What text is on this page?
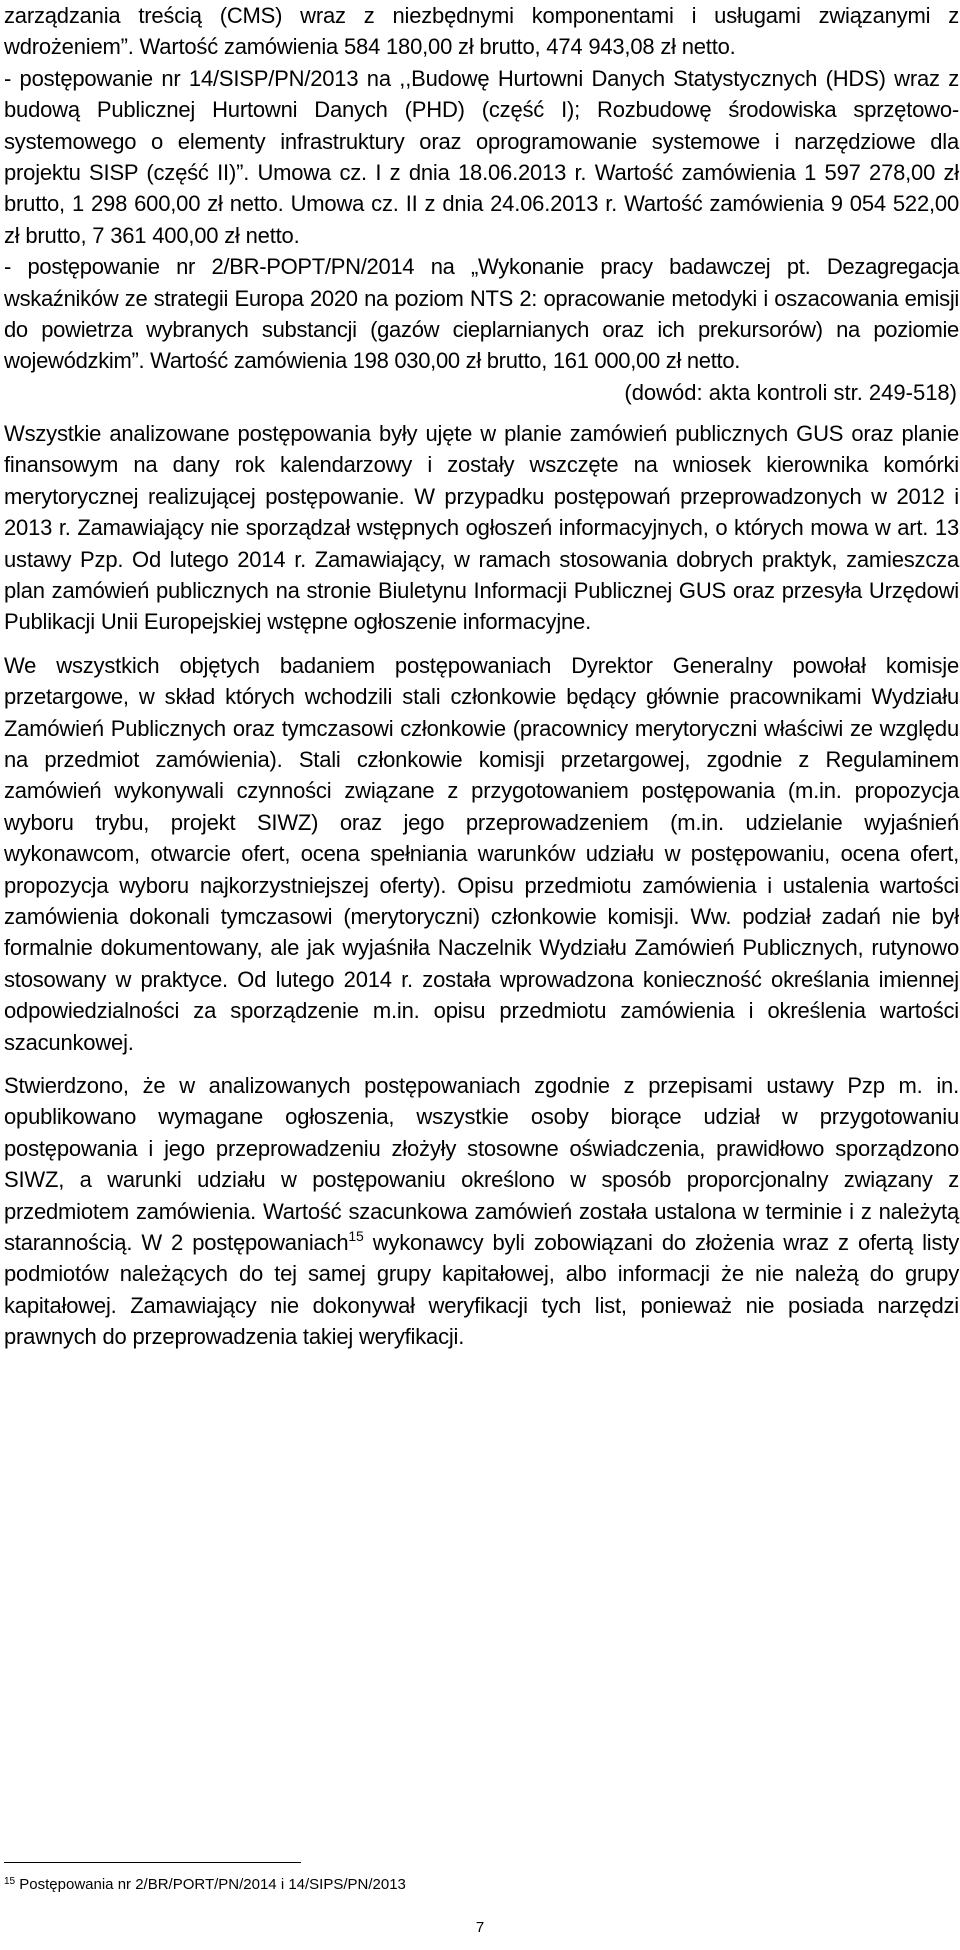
zarządzania treścią (CMS) wraz z niezbędnymi komponentami i usługami związanymi z wdrożeniem”. Wartość zamówienia 584 180,00 zł brutto, 474 943,08 zł netto.

- postępowanie nr 14/SISP/PN/2013 na ,,Budowę Hurtowni Danych Statystycznych (HDS) wraz z budową Publicznej Hurtowni Danych (PHD) (część I); Rozbudowę środowiska sprzętowo-systemowego o elementy infrastruktury oraz oprogramowanie systemowe i narzędziowe dla projektu SISP (część II)”. Umowa cz. I z dnia 18.06.2013 r. Wartość zamówienia 1 597 278,00 zł brutto, 1 298 600,00 zł netto. Umowa cz. II z dnia 24.06.2013 r. Wartość zamówienia 9 054 522,00 zł brutto, 7 361 400,00 zł netto.

- postępowanie nr 2/BR-POPT/PN/2014 na „Wykonanie pracy badawczej pt. Dezagregacja wskaźników ze strategii Europa 2020 na poziom NTS 2: opracowanie metodyki i oszacowania emisji do powietrza wybranych substancji (gazów cieplarnianych oraz ich prekursorów) na poziomie wojewódzkim”. Wartość zamówienia 198 030,00 zł brutto, 161 000,00 zł netto.

(dowód: akta kontroli str. 249-518)

Wszystkie analizowane postępowania były ujęte w planie zamówień publicznych GUS oraz planie finansowym na dany rok kalendarzowy i zostały wszczęte na wniosek kierownika komórki merytorycznej realizującej postępowanie. W przypadku postępowań przeprowadzonych w 2012 i 2013 r. Zamawiający nie sporządzał wstępnych ogłoszeń informacyjnych, o których mowa w art. 13 ustawy Pzp. Od lutego 2014 r. Zamawiający, w ramach stosowania dobrych praktyk, zamieszcza plan zamówień publicznych na stronie Biuletynu Informacji Publicznej GUS oraz przesyła Urzędowi Publikacji Unii Europejskiej wstępne ogłoszenie informacyjne.

We wszystkich objętych badaniem postępowaniach Dyrektor Generalny powołał komisje przetargowe, w skład których wchodzili stali członkowie będący głównie pracownikami Wydziału Zamówień Publicznych oraz tymczasowi członkowie (pracownicy merytoryczni właściwi ze względu na przedmiot zamówienia). Stali członkowie komisji przetargowej, zgodnie z Regulaminem zamówień wykonywali czynności związane z przygotowaniem postępowania (m.in. propozycja wyboru trybu, projekt SIWZ) oraz jego przeprowadzeniem (m.in. udzielanie wyjaśnień wykonawcom, otwarcie ofert, ocena spełniania warunków udziału w postępowaniu, ocena ofert, propozycja wyboru najkorzystniejszej oferty). Opisu przedmiotu zamówienia i ustalenia wartości zamówienia dokonali tymczasowi (merytoryczni) członkowie komisji. Ww. podział zadań nie był formalnie dokumentowany, ale jak wyjaśniła Naczelnik Wydziału Zamówień Publicznych, rutynowo stosowany w praktyce. Od lutego 2014 r. została wprowadzona konieczność określania imiennej odpowiedzialności za sporządzenie m.in. opisu przedmiotu zamówienia i określenia wartości szacunkowej.

Stwierdzono, że w analizowanych postępowaniach zgodnie z przepisami ustawy Pzp m. in. opublikowano wymagane ogłoszenia, wszystkie osoby biorące udział w przygotowaniu postępowania i jego przeprowadzeniu złożyły stosowne oświadczenia, prawidłowo sporządzono SIWZ, a warunki udziału w postępowaniu określono w sposób proporcjonalny związany z przedmiotem zamówienia. Wartość szacunkowa zamówień została ustalona w terminie i z należytą starannością. W 2 postępowaniach$^{15}$ wykonawcy byli zobowiązani do złożenia wraz z ofertą listy podmiotów należących do tej samej grupy kapitałowej, albo informacji że nie należą do grupy kapitałowej. Zamawiający nie dokonywał weryfikacji tych list, ponieważ nie posiada narzędzi prawnych do przeprowadzenia takiej weryfikacji.

$^{15}$ Postępowania nr 2/BR/PORT/PN/2014 i 14/SIPS/PN/2013
7
